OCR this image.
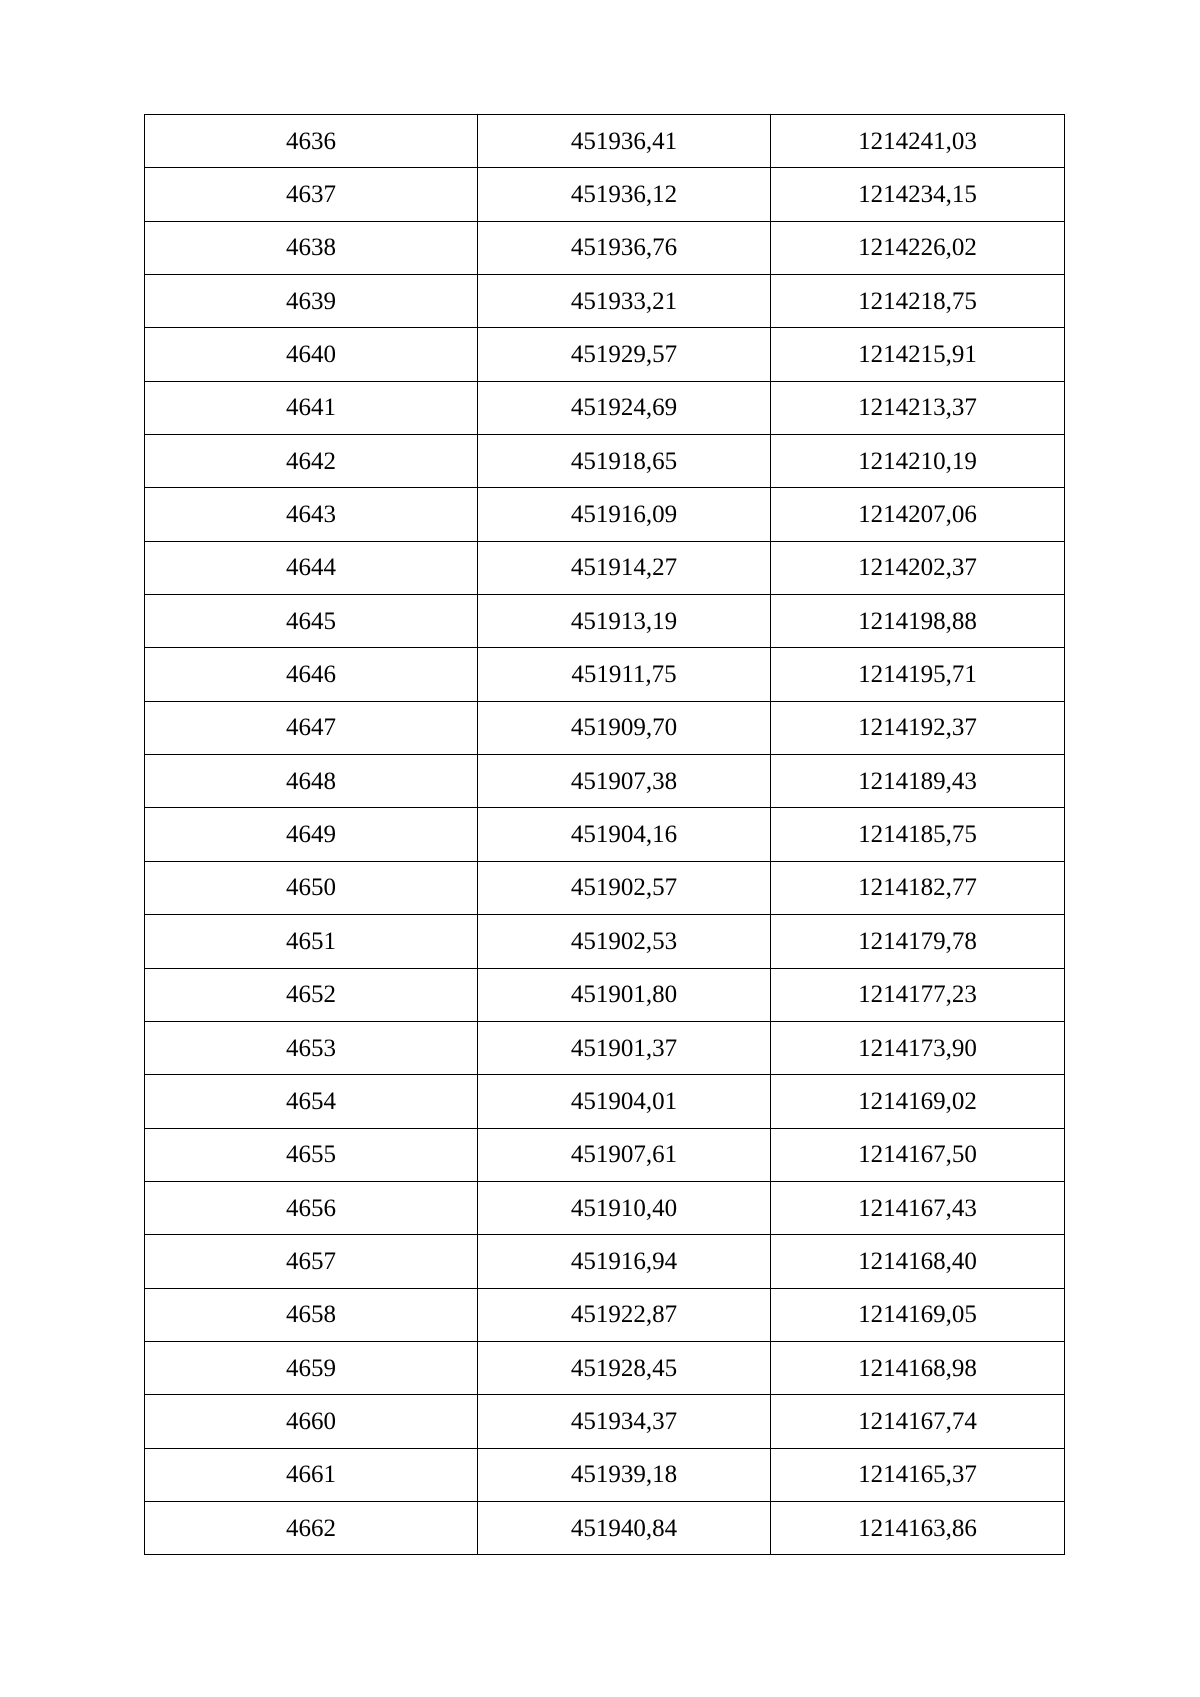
4636	451936,41	1214241,03
4637	451936,12	1214234,15
4638	451936,76	1214226,02
4639	451933,21	1214218,75
4640	451929,57	1214215,91
4641	451924,69	1214213,37
4642	451918,65	1214210,19
4643	451916,09	1214207,06
4644	451914,27	1214202,37
4645	451913,19	1214198,88
4646	451911,75	1214195,71
4647	451909,70	1214192,37
4648	451907,38	1214189,43
4649	451904,16	1214185,75
4650	451902,57	1214182,77
4651	451902,53	1214179,78
4652	451901,80	1214177,23
4653	451901,37	1214173,90
4654	451904,01	1214169,02
4655	451907,61	1214167,50
4656	451910,40	1214167,43
4657	451916,94	1214168,40
4658	451922,87	1214169,05
4659	451928,45	1214168,98
4660	451934,37	1214167,74
4661	451939,18	1214165,37
4662	451940,84	1214163,86
